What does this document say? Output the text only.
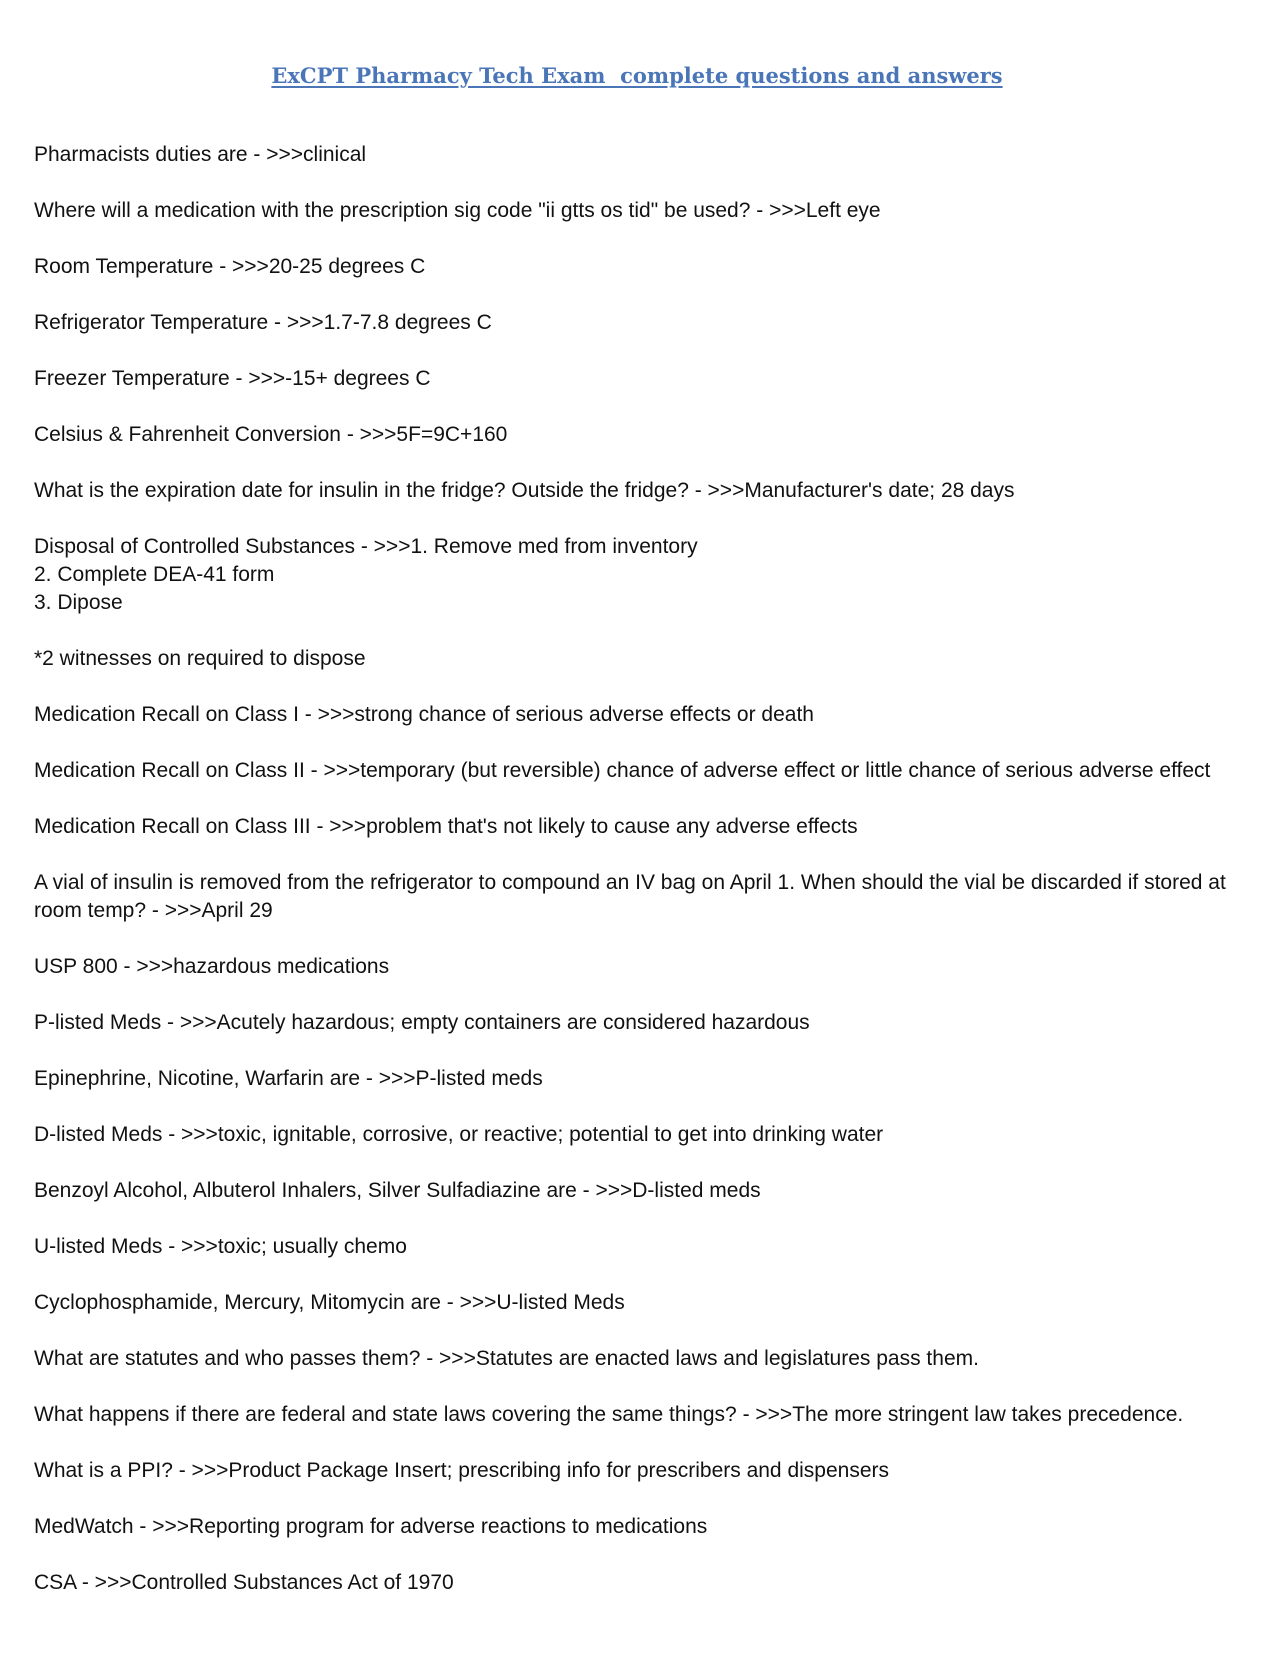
ExCPT Pharmacy Tech Exam  complete questions and answers

Pharmacists duties are - >>>clinical

Where will a medication with the prescription sig code "ii gtts os tid" be used? - >>>Left eye

Room Temperature - >>>20-25 degrees C

Refrigerator Temperature - >>>1.7-7.8 degrees C

Freezer Temperature - >>>-15+ degrees C

Celsius & Fahrenheit Conversion - >>>5F=9C+160

What is the expiration date for insulin in the fridge? Outside the fridge? - >>>Manufacturer's date; 28 days

Disposal of Controlled Substances - >>>1. Remove med from inventory
2. Complete DEA-41 form
3. Dipose

*2 witnesses on required to dispose

Medication Recall on Class I - >>>strong chance of serious adverse effects or death

Medication Recall on Class II - >>>temporary (but reversible) chance of adverse effect or little chance of serious adverse effect

Medication Recall on Class III - >>>problem that's not likely to cause any adverse effects

A vial of insulin is removed from the refrigerator to compound an IV bag on April 1. When should the vial be discarded if stored at room temp? - >>>April 29

USP 800 - >>>hazardous medications

P-listed Meds - >>>Acutely hazardous; empty containers are considered hazardous

Epinephrine, Nicotine, Warfarin are - >>>P-listed meds

D-listed Meds - >>>toxic, ignitable, corrosive, or reactive; potential to get into drinking water

Benzoyl Alcohol, Albuterol Inhalers, Silver Sulfadiazine are - >>>D-listed meds

U-listed Meds - >>>toxic; usually chemo

Cyclophosphamide, Mercury, Mitomycin are - >>>U-listed Meds

What are statutes and who passes them? - >>>Statutes are enacted laws and legislatures pass them.

What happens if there are federal and state laws covering the same things? - >>>The more stringent law takes precedence.

What is a PPI? - >>>Product Package Insert; prescribing info for prescribers and dispensers

MedWatch - >>>Reporting program for adverse reactions to medications

CSA - >>>Controlled Substances Act of 1970
